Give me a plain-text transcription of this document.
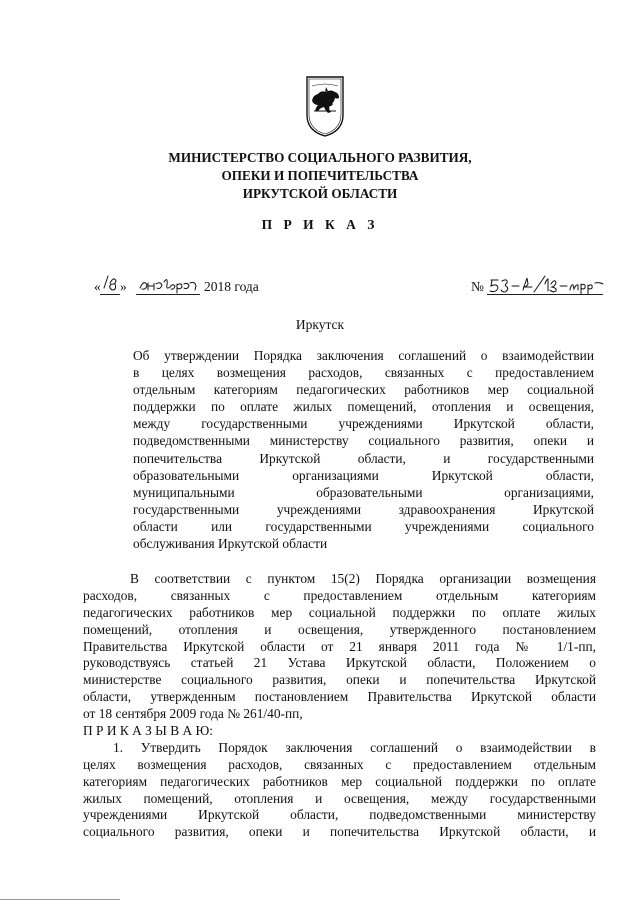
МИНИСТЕРСТВО СОЦИАЛЬНОГО РАЗВИТИЯ,
ОПЕКИ И ПОПЕЧИТЕЛЬСТВА
ИРКУТСКОЙ ОБЛАСТИ
П Р И К А З
« »	2018 года	№
Иркутск
Об утверждении Порядка заключения соглашений о взаимодействии
в целях возмещения расходов, связанных с предоставлением
отдельным категориям педагогических работников мер социальной
поддержки по оплате жилых помещений, отопления и освещения,
между государственными учреждениями Иркутской области,
подведомственными министерству социального развития, опеки и
попечительства Иркутской области, и государственными
образовательными организациями Иркутской области,
муниципальными образовательными организациями,
государственными учреждениями здравоохранения Иркутской
области или государственными учреждениями социального
обслуживания Иркутской области
В соответствии с пунктом 15(2) Порядка организации возмещения
расходов, связанных с предоставлением отдельным категориям
педагогических работников мер социальной поддержки по оплате жилых
помещений, отопления и освещения, утвержденного постановлением
Правительства Иркутской области от 21 января 2011 года № 1/1-пп,
руководствуясь статьей 21 Устава Иркутской области, Положением о
министерстве социального развития, опеки и попечительства Иркутской
области, утвержденным постановлением Правительства Иркутской области
от 18 сентября 2009 года № 261/40-пп,
П Р И К А З Ы В А Ю:
1. Утвердить Порядок заключения соглашений о взаимодействии в
целях возмещения расходов, связанных с предоставлением отдельным
категориям педагогических работников мер социальной поддержки по оплате
жилых помещений, отопления и освещения, между государственными
учреждениями Иркутской области, подведомственными министерству
социального развития, опеки и попечительства Иркутской области, и
